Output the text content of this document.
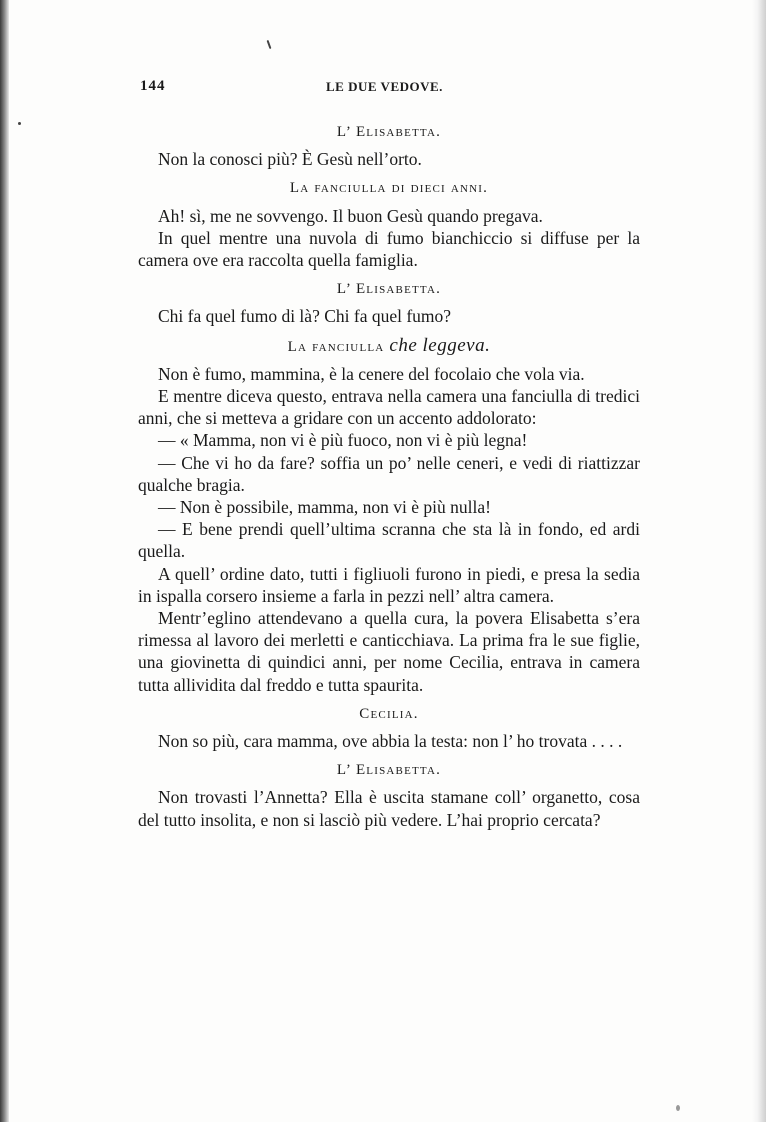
144	LE DUE VEDOVE.
L’ Elisabetta.

Non la conosci più? È Gesù nell’orto.

La fanciulla di dieci anni.

Ah! sì, me ne sovvengo. Il buon Gesù quando pregava.

In quel mentre una nuvola di fumo bianchiccio si diffuse per la camera ove era raccolta quella famiglia.

L’ Elisabetta.

Chi fa quel fumo di là? Chi fa quel fumo?

La fanciulla che leggeva.

Non è fumo, mammina, è la cenere del focolaio che vola via.

E mentre diceva questo, entrava nella camera una fanciulla di tredici anni, che si metteva a gridare con un accento addolorato:

— « Mamma, non vi è più fuoco, non vi è più legna!

— Che vi ho da fare? soffia un po’ nelle ceneri, e vedi di riattizzar qualche bragia.

— Non è possibile, mamma, non vi è più nulla!

— E bene prendi quell’ultima scranna che sta là in fondo, ed ardi quella.

A quell’ ordine dato, tutti i figliuoli furono in piedi, e presa la sedia in ispalla corsero insieme a farla in pezzi nell’ altra camera.

Mentr’eglino attendevano a quella cura, la povera Elisabetta s’era rimessa al lavoro dei merletti e canticchiava. La prima fra le sue figlie, una giovinetta di quindici anni, per nome Cecilia, entrava in camera tutta allividita dal freddo e tutta spaurita.

Cecilia.

Non so più, cara mamma, ove abbia la testa: non l’ ho trovata . . . .

L’ Elisabetta.

Non trovasti l’Annetta? Ella è uscita stamane coll’ organetto, cosa del tutto insolita, e non si lasciò più vedere. L’hai proprio cercata?
